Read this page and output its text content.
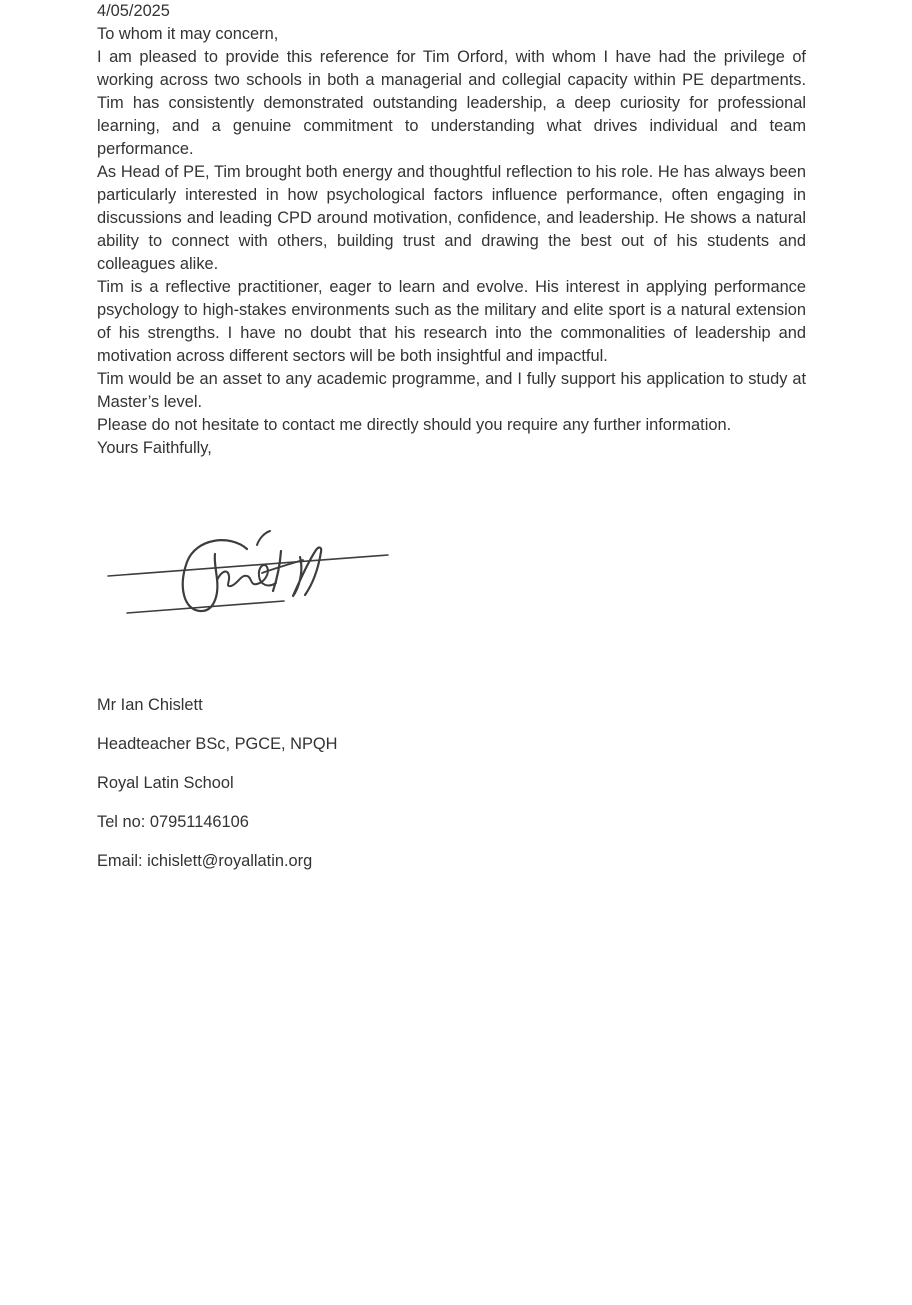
4/05/2025

To whom it may concern,

I am pleased to provide this reference for Tim Orford, with whom I have had the privilege of working across two schools in both a managerial and collegial capacity within PE departments. Tim has consistently demonstrated outstanding leadership, a deep curiosity for professional learning, and a genuine commitment to understanding what drives individual and team performance.

As Head of PE, Tim brought both energy and thoughtful reflection to his role. He has always been particularly interested in how psychological factors influence performance, often engaging in discussions and leading CPD around motivation, confidence, and leadership. He shows a natural ability to connect with others, building trust and drawing the best out of his students and colleagues alike.

Tim is a reflective practitioner, eager to learn and evolve. His interest in applying performance psychology to high-stakes environments such as the military and elite sport is a natural extension of his strengths. I have no doubt that his research into the commonalities of leadership and motivation across different sectors will be both insightful and impactful.

Tim would be an asset to any academic programme, and I fully support his application to study at Master’s level.

Please do not hesitate to contact me directly should you require any further information.

Yours Faithfully,

Mr Ian Chislett

Headteacher BSc, PGCE, NPQH

Royal Latin School

Tel no: 07951146106

Email: ichislett@royallatin.org
